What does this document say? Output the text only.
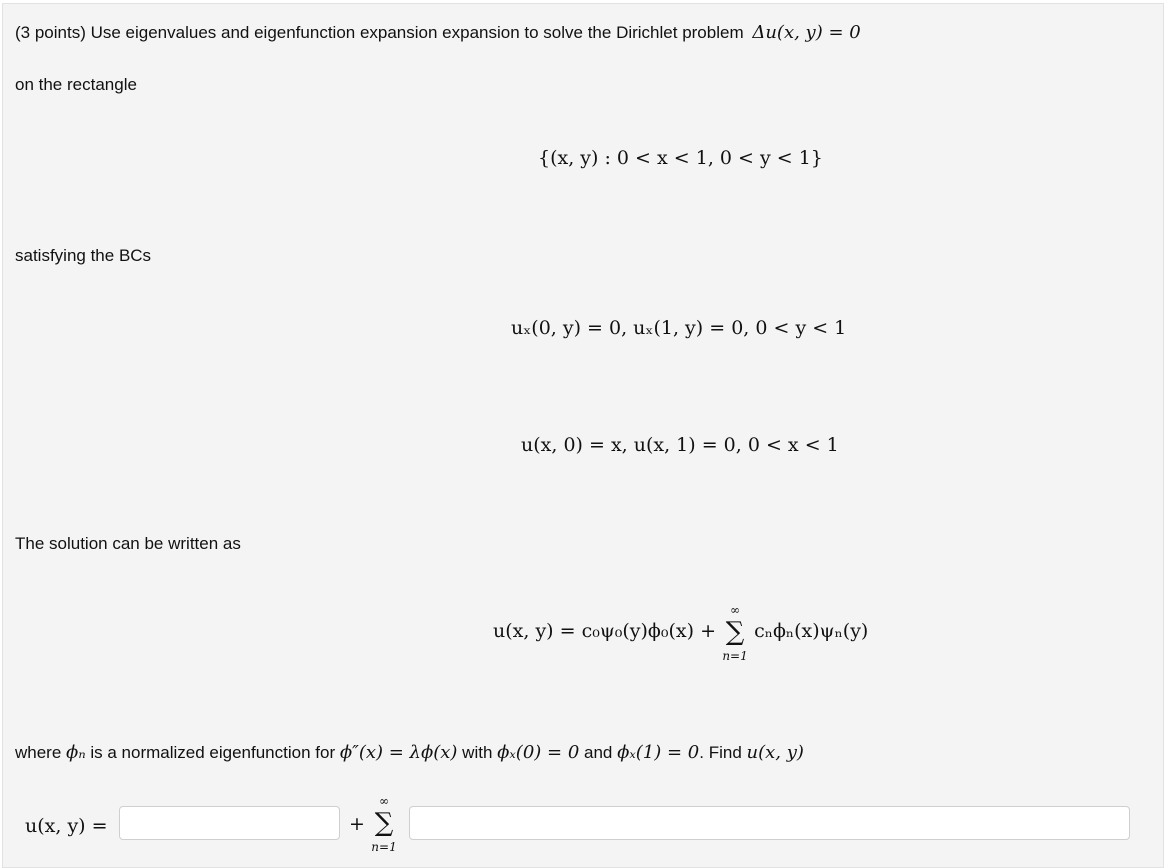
(3 points) Use eigenvalues and eigenfunction expansion expansion to solve the Dirichlet problem Δu(x, y) = 0
on the rectangle
{(x, y) : 0 < x < 1, 0 < y < 1}
satisfying the BCs
uₓ(0, y) = 0, uₓ(1, y) = 0, 0 < y < 1
u(x, 0) = x, u(x, 1) = 0, 0 < x < 1
The solution can be written as
u(x, y) = c₀ψ₀(y)ϕ₀(x) +
∞
∑
n=1
cₙϕₙ(x)ψₙ(y)
where ϕₙ is a normalized eigenfunction for ϕ″(x) = λϕ(x) with ϕₓ(0) = 0 and ϕₓ(1) = 0. Find u(x, y)
u(x, y) =	+
∞
∑
n=1
